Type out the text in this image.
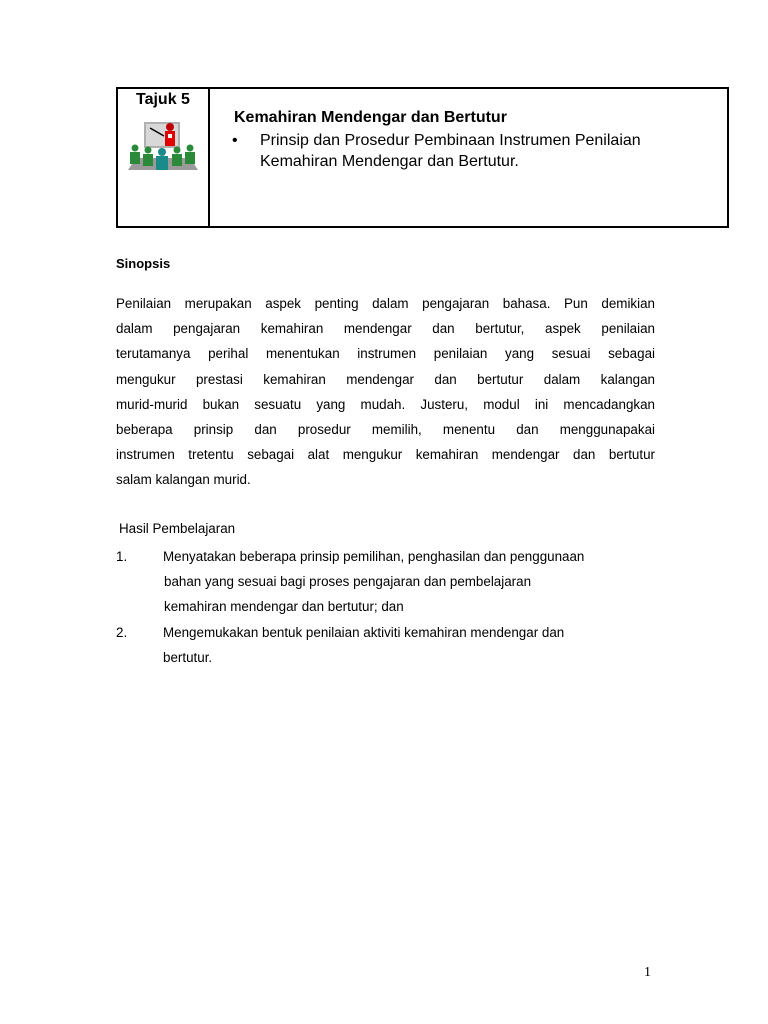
Tajuk 5
Kemahiran Mendengar dan Bertutur
•	Prinsip dan Prosedur Pembinaan Instrumen Penilaian
Kemahiran Mendengar dan Bertutur.
Sinopsis
Penilaian merupakan aspek penting dalam pengajaran bahasa. Pun demikian
dalam pengajaran kemahiran mendengar dan bertutur, aspek penilaian
terutamanya perihal menentukan instrumen penilaian yang sesuai sebagai
mengukur prestasi kemahiran mendengar dan bertutur dalam kalangan
murid-murid bukan sesuatu yang mudah. Justeru, modul ini mencadangkan
beberapa prinsip dan prosedur memilih, menentu dan menggunapakai
instrumen tretentu sebagai alat mengukur kemahiran mendengar dan bertutur
salam kalangan murid.
Hasil Pembelajaran
1.	Menyatakan beberapa prinsip pemilihan, penghasilan dan penggunaan
bahan yang sesuai bagi proses pengajaran dan pembelajaran
kemahiran mendengar dan bertutur; dan
2.	Mengemukakan bentuk penilaian aktiviti kemahiran mendengar dan
bertutur.
1
